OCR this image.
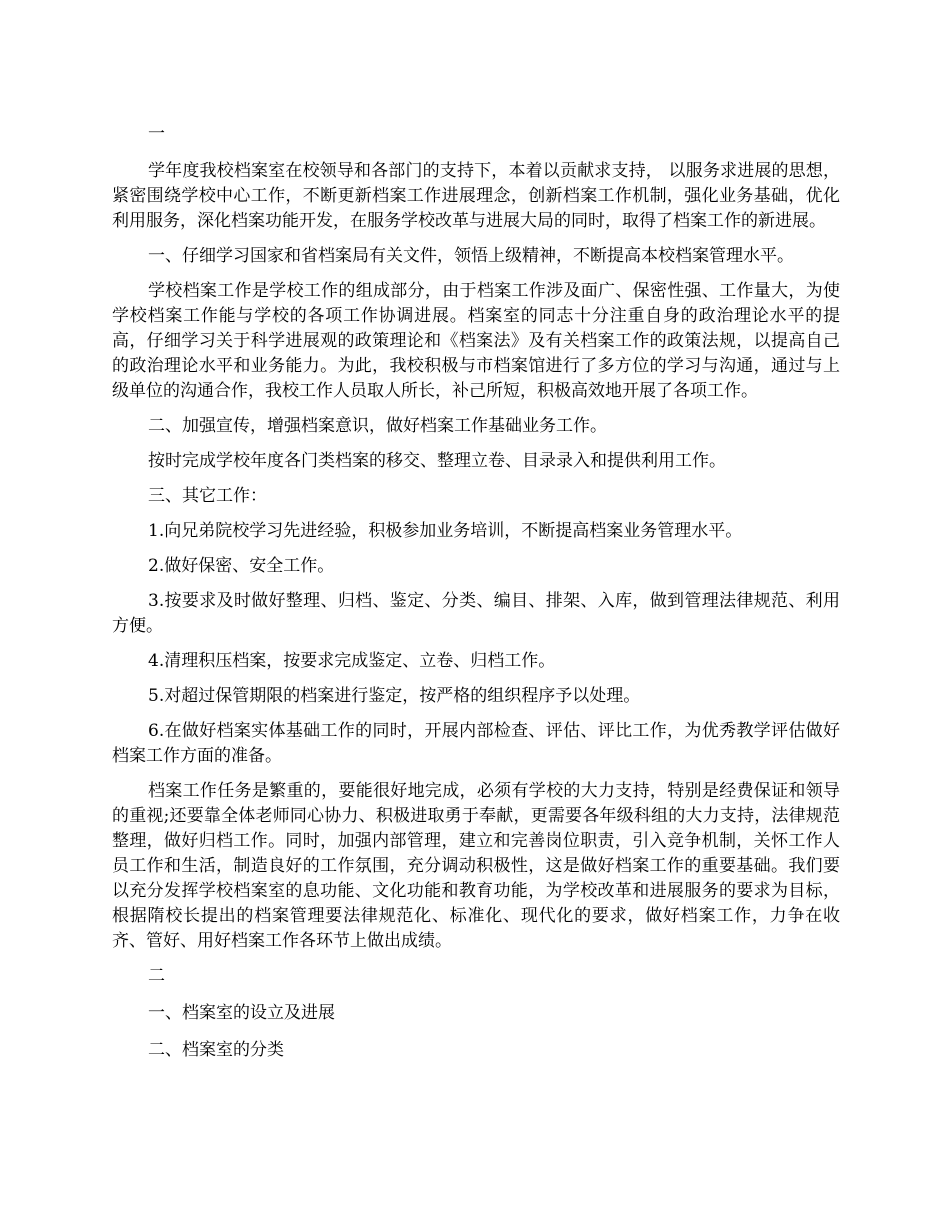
一

学年度我校档案室在校领导和各部门的支持下，本着以贡献求支持， 以服务求进展的思想，紧密围绕学校中心工作，不断更新档案工作进展理念，创新档案工作机制，强化业务基础，优化利用服务，深化档案功能开发，在服务学校改革与进展大局的同时，取得了档案工作的新进展。

一、仔细学习国家和省档案局有关文件，领悟上级精神，不断提高本校档案管理水平。

学校档案工作是学校工作的组成部分，由于档案工作涉及面广、保密性强、工作量大，为使学校档案工作能与学校的各项工作协调进展。档案室的同志十分注重自身的政治理论水平的提高，仔细学习关于科学进展观的政策理论和《档案法》及有关档案工作的政策法规，以提高自己的政治理论水平和业务能力。为此，我校积极与市档案馆进行了多方位的学习与沟通，通过与上级单位的沟通合作，我校工作人员取人所长，补己所短，积极高效地开展了各项工作。

二、加强宣传，增强档案意识，做好档案工作基础业务工作。

按时完成学校年度各门类档案的移交、整理立卷、目录录入和提供利用工作。

三、其它工作：

1.向兄弟院校学习先进经验，积极参加业务培训，不断提高档案业务管理水平。

2.做好保密、安全工作。

3.按要求及时做好整理、归档、鉴定、分类、编目、排架、入库，做到管理法律规范、利用方便。

4.清理积压档案，按要求完成鉴定、立卷、归档工作。

5.对超过保管期限的档案进行鉴定，按严格的组织程序予以处理。

6.在做好档案实体基础工作的同时，开展内部检查、评估、评比工作，为优秀教学评估做好档案工作方面的准备。

档案工作任务是繁重的，要能很好地完成，必须有学校的大力支持，特别是经费保证和领导的重视;还要靠全体老师同心协力、积极进取勇于奉献，更需要各年级科组的大力支持，法律规范整理，做好归档工作。同时，加强内部管理，建立和完善岗位职责，引入竞争机制，关怀工作人员工作和生活，制造良好的工作氛围，充分调动积极性，这是做好档案工作的重要基础。我们要以充分发挥学校档案室的息功能、文化功能和教育功能，为学校改革和进展服务的要求为目标，根据隋校长提出的档案管理要法律规范化、标准化、现代化的要求，做好档案工作，力争在收齐、管好、用好档案工作各环节上做出成绩。

二

一、档案室的设立及进展

二、档案室的分类
